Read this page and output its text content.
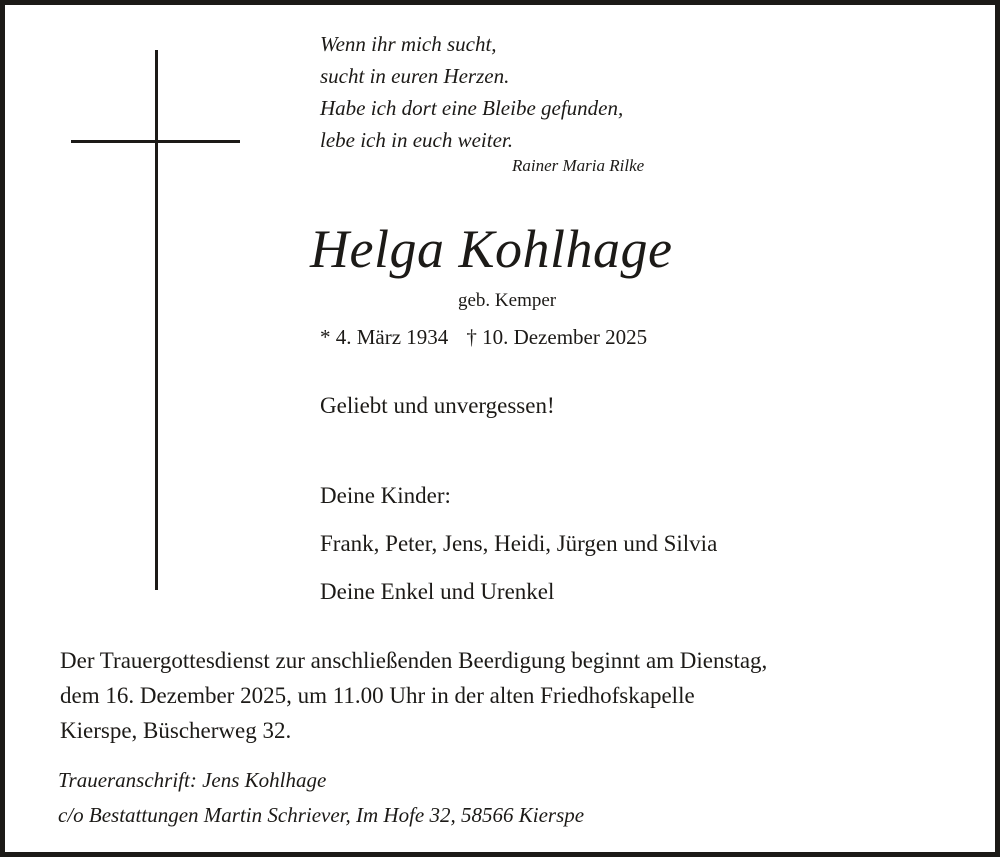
Wenn ihr mich sucht,
sucht in euren Herzen.
Habe ich dort eine Bleibe gefunden,
lebe ich in euch weiter.
Rainer Maria Rilke
Helga Kohlhage
geb. Kemper
* 4. März 1934 † 10. Dezember 2025
Geliebt und unvergessen!
Deine Kinder:
Frank, Peter, Jens, Heidi, Jürgen und Silvia
Deine Enkel und Urenkel
Der Trauergottesdienst zur anschließenden Beerdigung beginnt am Dienstag,
dem 16. Dezember 2025, um 11.00 Uhr in der alten Friedhofskapelle
Kierspe, Büscherweg 32.
Traueranschrift: Jens Kohlhage
c/o Bestattungen Martin Schriever, Im Hofe 32, 58566 Kierspe
